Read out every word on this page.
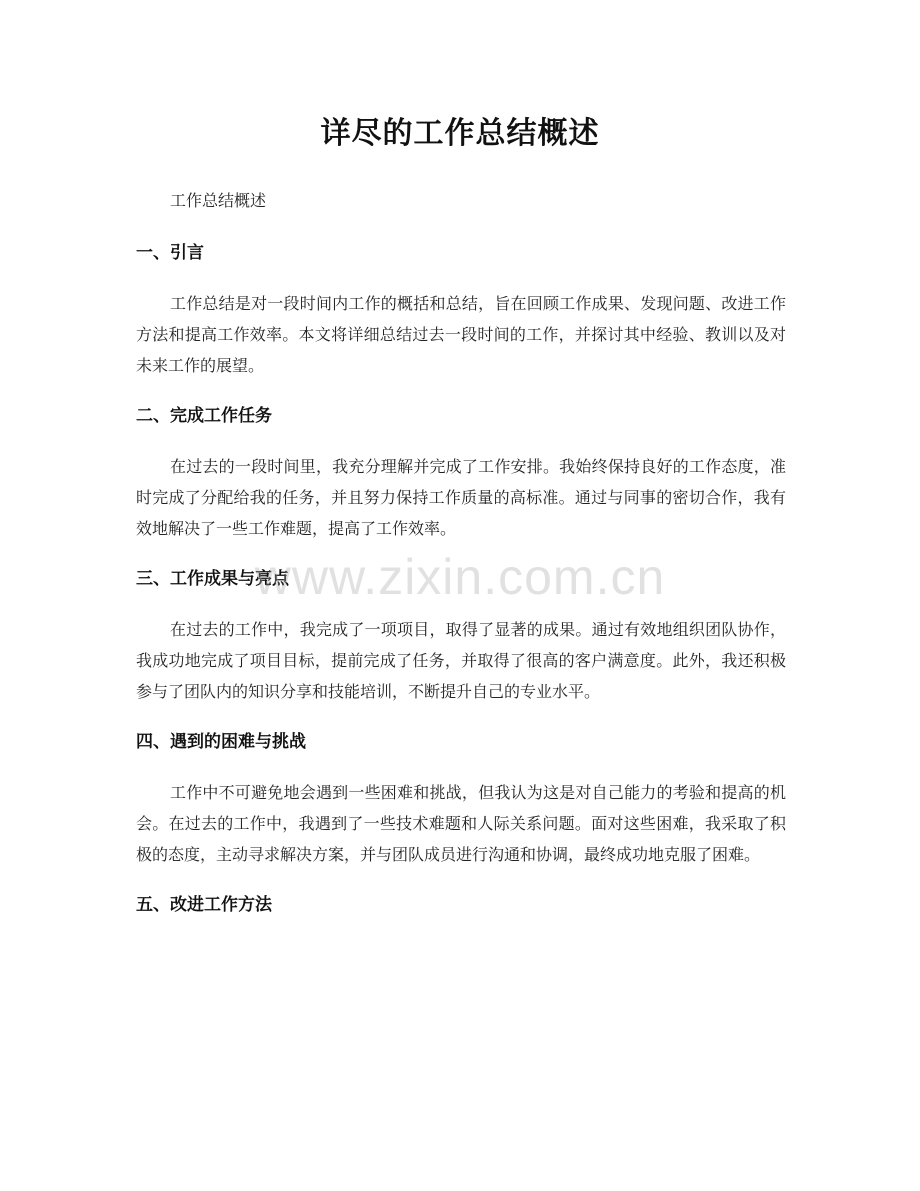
详尽的工作总结概述

工作总结概述

一、引言

工作总结是对一段时间内工作的概括和总结，旨在回顾工作成果、发现问题、改进工作方法和提高工作效率。本文将详细总结过去一段时间的工作，并探讨其中经验、教训以及对未来工作的展望。

二、完成工作任务

在过去的一段时间里，我充分理解并完成了工作安排。我始终保持良好的工作态度，准时完成了分配给我的任务，并且努力保持工作质量的高标准。通过与同事的密切合作，我有效地解决了一些工作难题，提高了工作效率。

三、工作成果与亮点

在过去的工作中，我完成了一项项目，取得了显著的成果。通过有效地组织团队协作，我成功地完成了项目目标，提前完成了任务，并取得了很高的客户满意度。此外，我还积极参与了团队内的知识分享和技能培训，不断提升自己的专业水平。

四、遇到的困难与挑战

工作中不可避免地会遇到一些困难和挑战，但我认为这是对自己能力的考验和提高的机会。在过去的工作中，我遇到了一些技术难题和人际关系问题。面对这些困难，我采取了积极的态度，主动寻求解决方案，并与团队成员进行沟通和协调，最终成功地克服了困难。

五、改进工作方法
www.zixin.com.cn
